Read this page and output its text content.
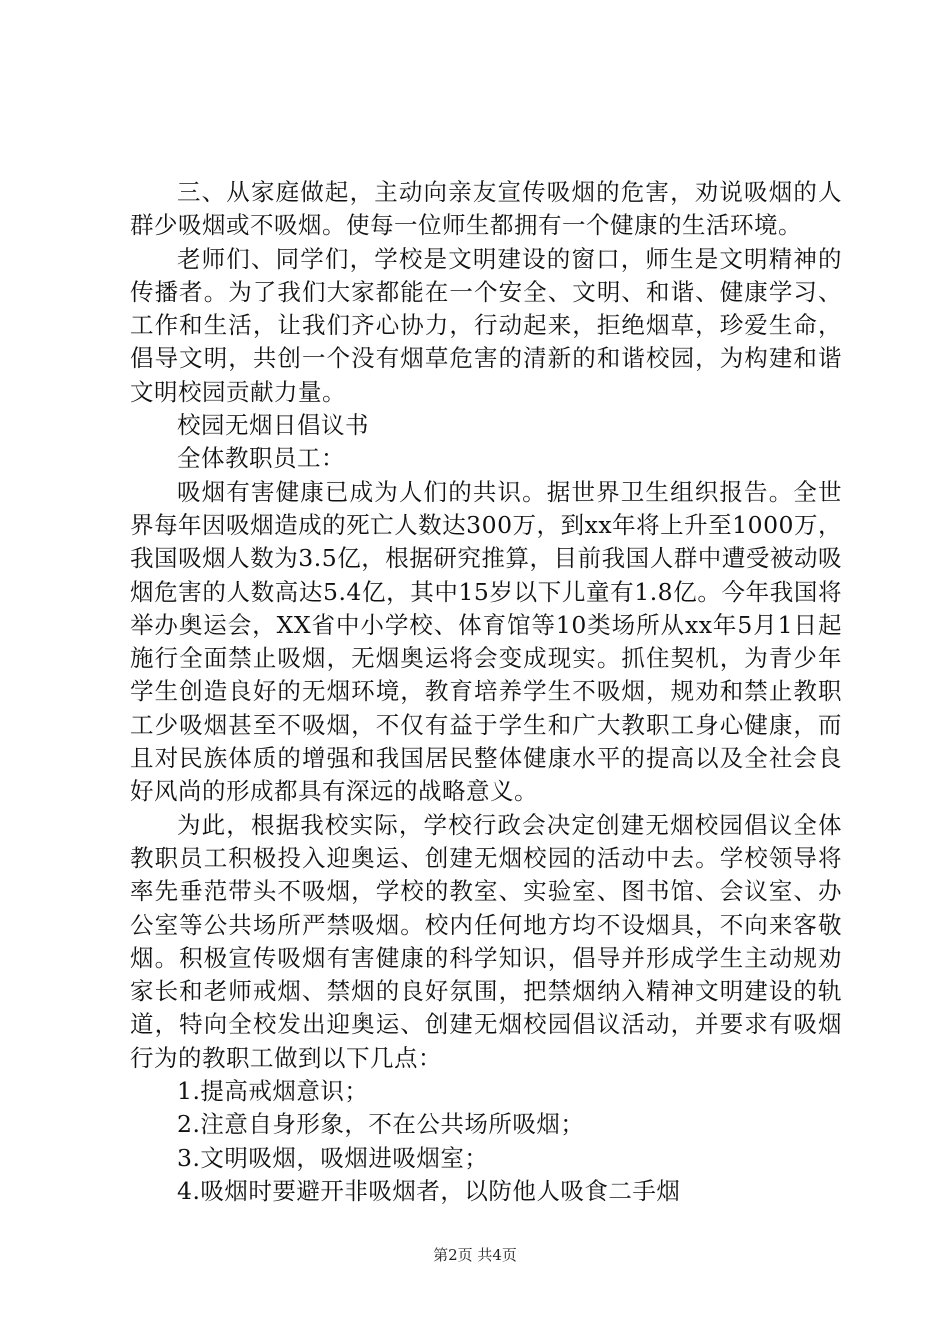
三、从家庭做起，主动向亲友宣传吸烟的危害，劝说吸烟的人群少吸烟或不吸烟。使每一位师生都拥有一个健康的生活环境。

老师们、同学们，学校是文明建设的窗口，师生是文明精神的传播者。为了我们大家都能在一个安全、文明、和谐、健康学习、工作和生活，让我们齐心协力，行动起来，拒绝烟草，珍爱生命，倡导文明，共创一个没有烟草危害的清新的和谐校园，为构建和谐文明校园贡献力量。

校园无烟日倡议书

全体教职员工：

吸烟有害健康已成为人们的共识。据世界卫生组织报告。全世界每年因吸烟造成的死亡人数达300万，到xx年将上升至1000万，我国吸烟人数为3.5亿，根据研究推算，目前我国人群中遭受被动吸烟危害的人数高达5.4亿，其中15岁以下儿童有1.8亿。今年我国将举办奥运会，XX省中小学校、体育馆等10类场所从xx年5月1日起施行全面禁止吸烟，无烟奥运将会变成现实。抓住契机，为青少年学生创造良好的无烟环境，教育培养学生不吸烟，规劝和禁止教职工少吸烟甚至不吸烟，不仅有益于学生和广大教职工身心健康，而且对民族体质的增强和我国居民整体健康水平的提高以及全社会良好风尚的形成都具有深远的战略意义。

为此，根据我校实际，学校行政会决定创建无烟校园倡议全体教职员工积极投入迎奥运、创建无烟校园的活动中去。学校领导将率先垂范带头不吸烟，学校的教室、实验室、图书馆、会议室、办公室等公共场所严禁吸烟。校内任何地方均不设烟具，不向来客敬烟。积极宣传吸烟有害健康的科学知识，倡导并形成学生主动规劝家长和老师戒烟、禁烟的良好氛围，把禁烟纳入精神文明建设的轨道，特向全校发出迎奥运、创建无烟校园倡议活动，并要求有吸烟行为的教职工做到以下几点：

1.提高戒烟意识；

2.注意自身形象，不在公共场所吸烟；

3.文明吸烟，吸烟进吸烟室；

4.吸烟时要避开非吸烟者，以防他人吸食二手烟

第2页 共4页
